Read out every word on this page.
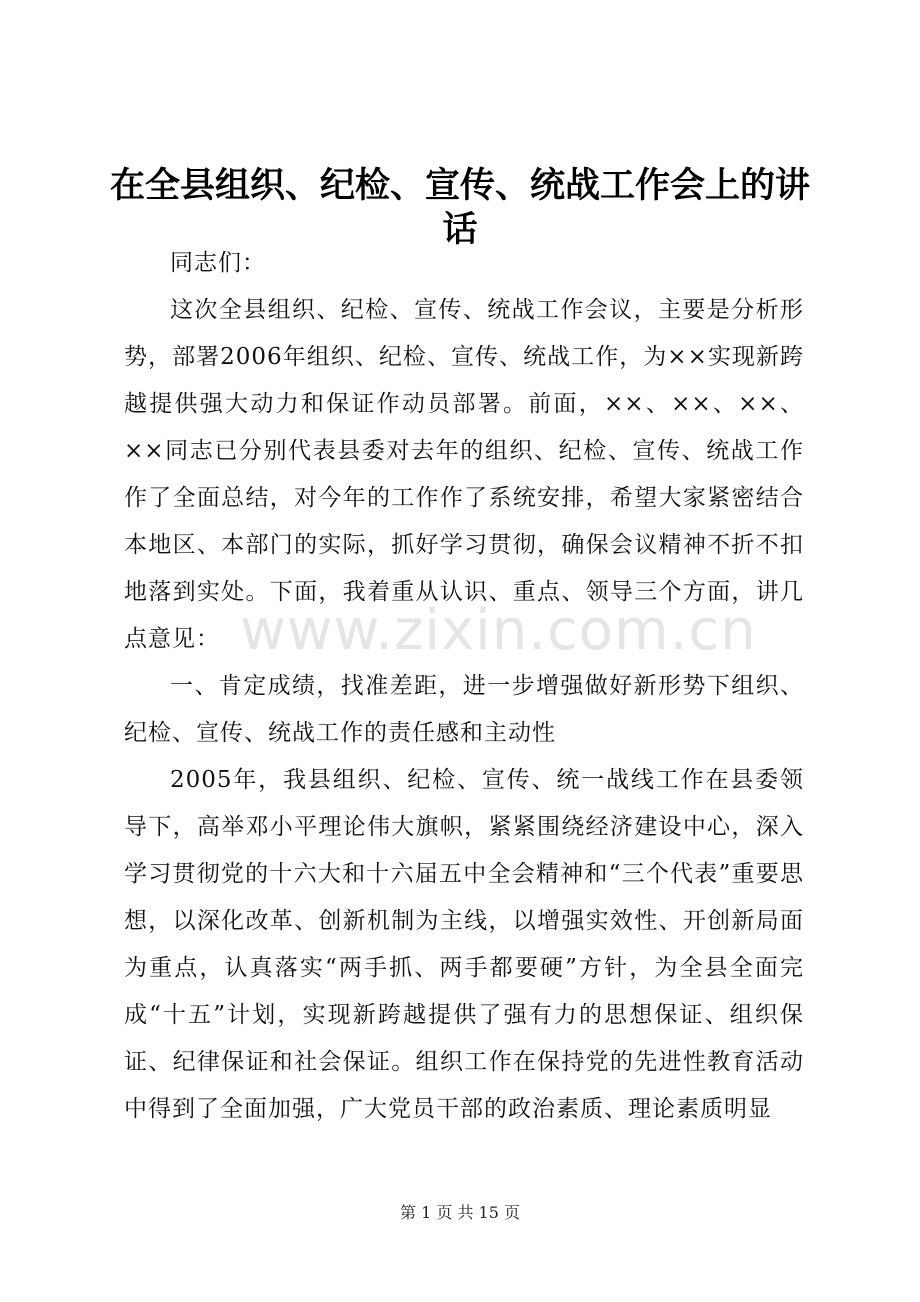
在全县组织、纪检、宣传、统战工作会上的讲话

同志们：

这次全县组织、纪检、宣传、统战工作会议，主要是分析形势，部署2006年组织、纪检、宣传、统战工作，为××实现新跨越提供强大动力和保证作动员部署。前面，××、××、××、××同志已分别代表县委对去年的组织、纪检、宣传、统战工作作了全面总结，对今年的工作作了系统安排，希望大家紧密结合本地区、本部门的实际，抓好学习贯彻，确保会议精神不折不扣地落到实处。下面，我着重从认识、重点、领导三个方面，讲几点意见：

一、肯定成绩，找准差距，进一步增强做好新形势下组织、纪检、宣传、统战工作的责任感和主动性

2005年，我县组织、纪检、宣传、统一战线工作在县委领导下，高举邓小平理论伟大旗帜，紧紧围绕经济建设中心，深入学习贯彻党的十六大和十六届五中全会精神和“三个代表”重要思想，以深化改革、创新机制为主线，以增强实效性、开创新局面为重点，认真落实“两手抓、两手都要硬”方针，为全县全面完成“十五”计划，实现新跨越提供了强有力的思想保证、组织保证、纪律保证和社会保证。组织工作在保持党的先进性教育活动中得到了全面加强，广大党员干部的政治素质、理论素质明显

www.zixin.com.cn
第 1 页 共 15 页
